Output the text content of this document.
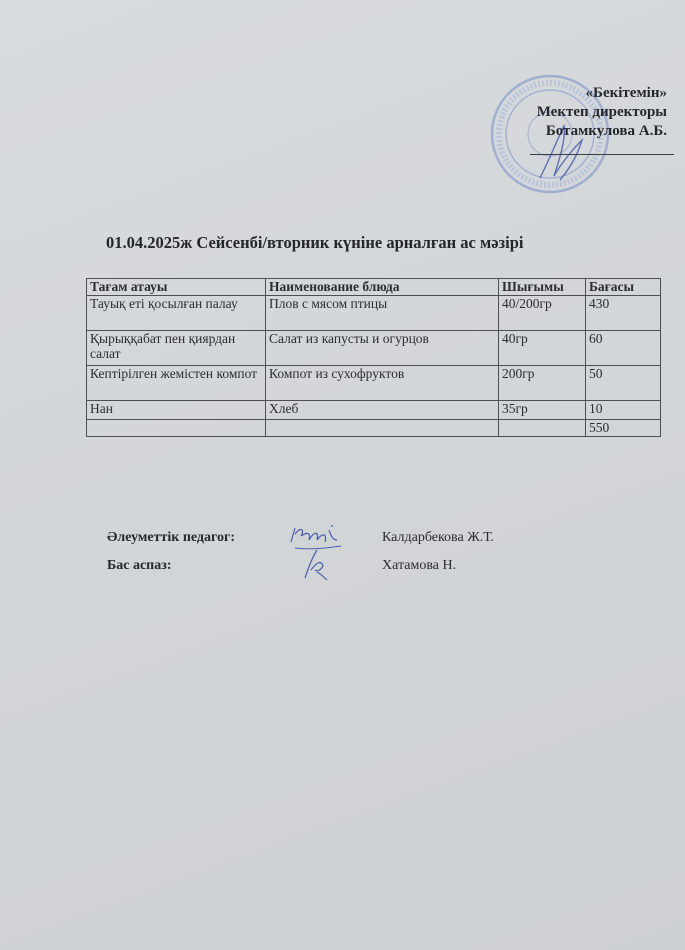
«Бекітемін»
Мектеп директоры
Ботамкулова А.Б.
01.04.2025ж Сейсенбі/вторник күніне арналған ас мәзірі
Тағам атауы	Наименование блюда	Шығымы	Бағасы
Тауық еті қосылған палау	Плов с мясом птицы	40/200гр	430
Қырыққабат пен қиярдан салат	Салат из капусты и огурцов	40гр	60
Кептірілген жемістен компот	Компот из сухофруктов	200гр	50
Нан	Хлеб	35гр	10
			550
Әлеуметтік педагог:	Калдарбекова Ж.Т.
Бас аспаз:	Хатамова Н.
